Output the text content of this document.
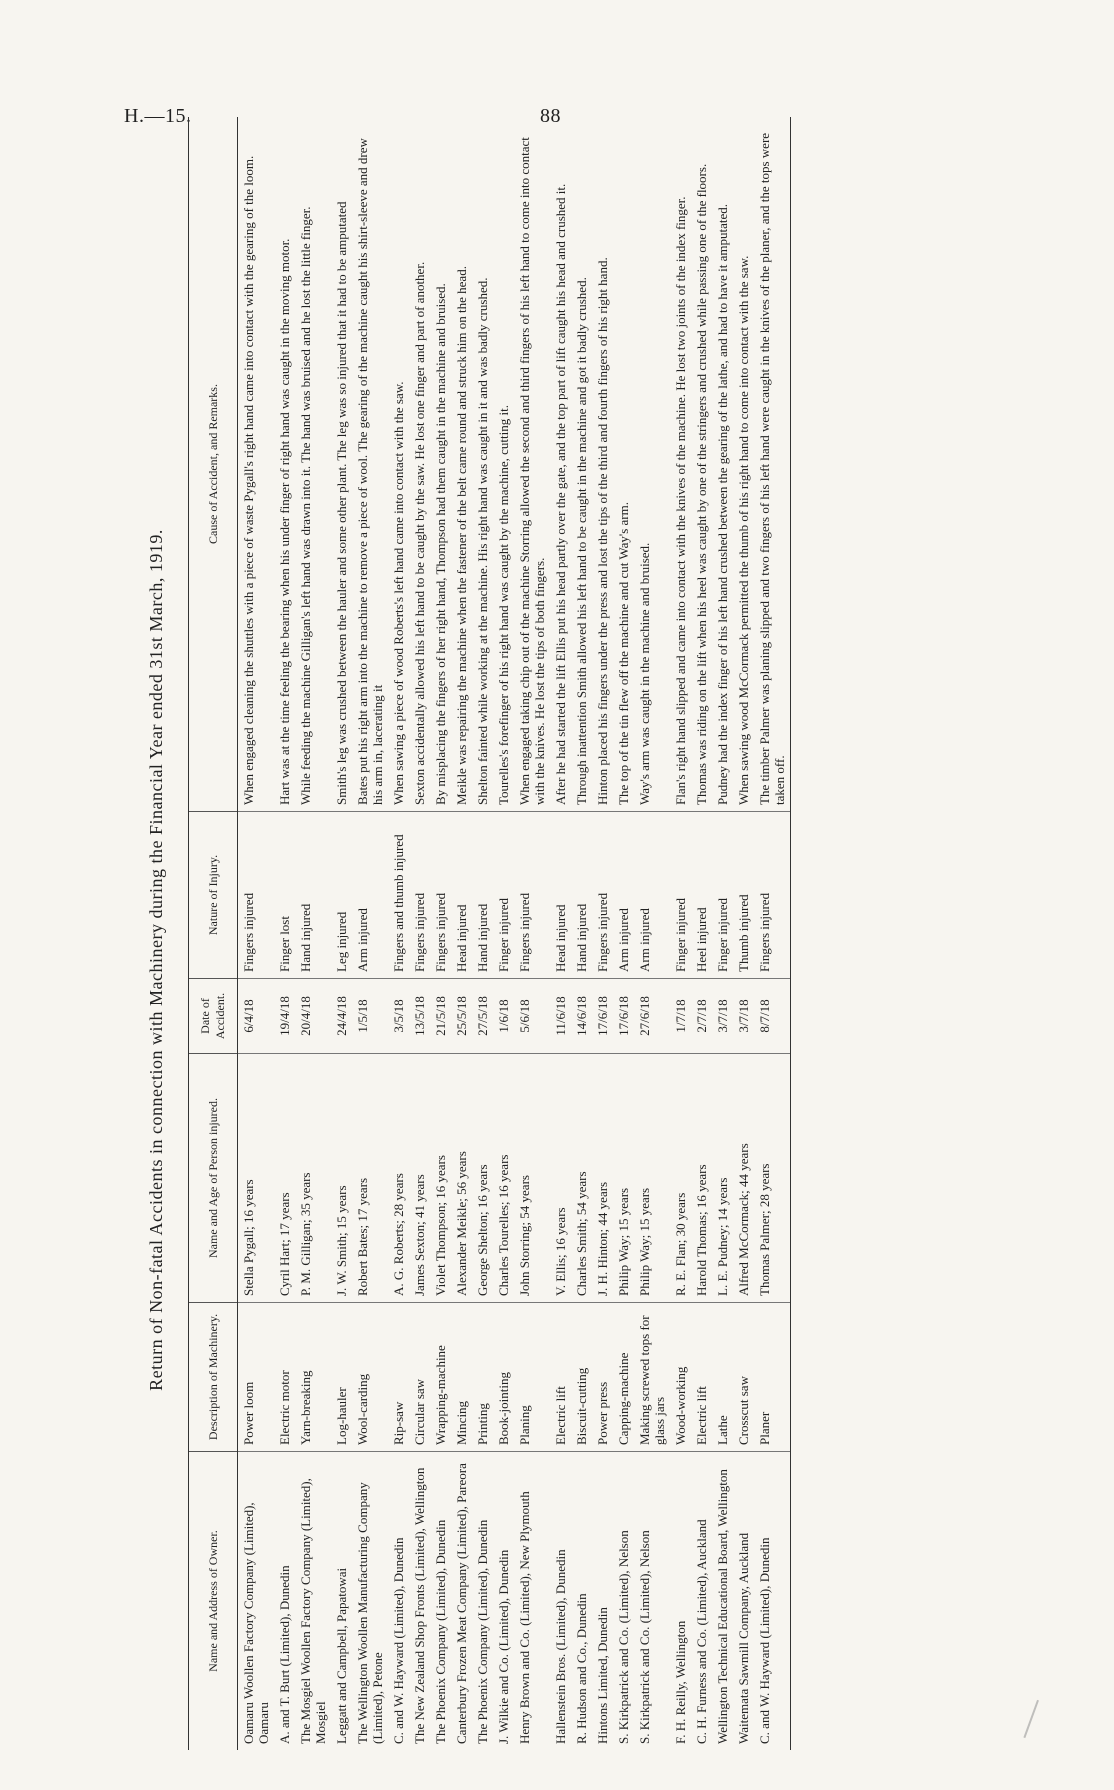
H.—15.	88
Return of Non-fatal Accidents in connection with Machinery during the Financial Year ended 31st March, 1919.
Name and Address of Owner.	Description of Machinery.	Name and Age of Person injured.	Date of Accident.	Nature of Injury.	Cause of Accident, and Remarks.
Oamaru Woollen Factory Company (Limited), Oamaru	Power loom	Stella Pygall; 16 years	6/4/18	Fingers injured	When engaged cleaning the shuttles with a piece of waste Pygall's right hand came into contact with the gearing of the loom.
A. and T. Burt (Limited), Dunedin	Electric motor	Cyril Hart; 17 years	19/4/18	Finger lost	Hart was at the time feeling the bearing when his under finger of right hand was caught in the moving motor.
The Mosgiel Woollen Factory Company (Limited), Mosgiel	Yarn-breaking	P. M. Gilligan; 35 years	20/4/18	Hand injured	While feeding the machine Gilligan's left hand was drawn into it. The hand was bruised and he lost the little finger.
Leggatt and Campbell, Papatowai	Log-hauler	J. W. Smith; 15 years	24/4/18	Leg injured	Smith's leg was crushed between the hauler and some other plant. The leg was so injured that it had to be amputated
The Wellington Woollen Manufacturing Company (Limited), Petone	Wool-carding	Robert Bates; 17 years	1/5/18	Arm injured	Bates put his right arm into the machine to remove a piece of wool. The gearing of the machine caught his shirt-sleeve and drew his arm in, lacerating it
C. and W. Hayward (Limited), Dunedin	Rip-saw	A. G. Roberts; 28 years	3/5/18	Fingers and thumb injured	When sawing a piece of wood Roberts's left hand came into contact with the saw.
The New Zealand Shop Fronts (Limited), Wellington	Circular saw	James Sexton; 41 years	13/5/18	Fingers injured	Sexton accidentally allowed his left hand to be caught by the saw. He lost one finger and part of another.
The Phoenix Company (Limited), Dunedin	Wrapping-machine	Violet Thompson; 16 years	21/5/18	Fingers injured	By misplacing the fingers of her right hand, Thompson had them caught in the machine and bruised.
Canterbury Frozen Meat Company (Limited), Pareora	Mincing	Alexander Meikle; 56 years	25/5/18	Head injured	Meikle was repairing the machine when the fastener of the belt came round and struck him on the head.
The Phoenix Company (Limited), Dunedin	Printing	George Shelton; 16 years	27/5/18	Hand injured	Shelton fainted while working at the machine. His right hand was caught in it and was badly crushed.
J. Wilkie and Co. (Limited), Dunedin	Book-jointing	Charles Tourelles; 16 years	1/6/18	Finger injured	Tourelles's forefinger of his right hand was caught by the machine, cutting it.
Henry Brown and Co. (Limited), New Plymouth	Planing	John Storring; 54 years	5/6/18	Fingers injured	When engaged taking chip out of the machine Storring allowed the second and third fingers of his left hand to come into contact with the knives. He lost the tips of both fingers.
Hallenstein Bros. (Limited), Dunedin	Electric lift	V. Ellis; 16 years	11/6/18	Head injured	After he had started the lift Ellis put his head partly over the gate, and the top part of lift caught his head and crushed it.
R. Hudson and Co., Dunedin	Biscuit-cutting	Charles Smith; 54 years	14/6/18	Hand injured	Through inattention Smith allowed his left hand to be caught in the machine and got it badly crushed.
Hintons Limited, Dunedin	Power press	J. H. Hinton; 44 years	17/6/18	Fingers injured	Hinton placed his fingers under the press and lost the tips of the third and fourth fingers of his right hand.
S. Kirkpatrick and Co. (Limited), Nelson	Capping-machine	Philip Way; 15 years	17/6/18	Arm injured	The top of the tin flew off the machine and cut Way's arm.
S. Kirkpatrick and Co. (Limited), Nelson	Making screwed tops for glass jars	Philip Way; 15 years	27/6/18	Arm injured	Way's arm was caught in the machine and bruised.
F. H. Reilly, Wellington	Wood-working	R. E. Flan; 30 years	1/7/18	Finger injured	Flan's right hand slipped and came into contact with the knives of the machine. He lost two joints of the index finger.
C. H. Furness and Co. (Limited), Auckland	Electric lift	Harold Thomas; 16 years	2/7/18	Heel injured	Thomas was riding on the lift when his heel was caught by one of the stringers and crushed while passing one of the floors.
Wellington Technical Educational Board, Wellington	Lathe	L. E. Pudney; 14 years	3/7/18	Finger injured	Pudney had the index finger of his left hand crushed between the gearing of the lathe, and had to have it amputated.
Waitemata Sawmill Company, Auckland	Crosscut saw	Alfred McCormack; 44 years	3/7/18	Thumb injured	When sawing wood McCormack permitted the thumb of his right hand to come into contact with the saw.
C. and W. Hayward (Limited), Dunedin	Planer	Thomas Palmer; 28 years	8/7/18	Fingers injured	The timber Palmer was planing slipped and two fingers of his left hand were caught in the knives of the planer, and the tops were taken off.
